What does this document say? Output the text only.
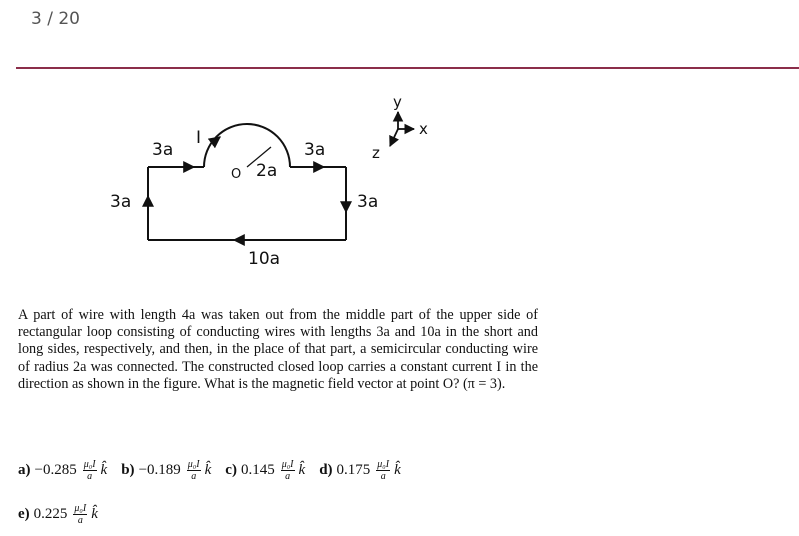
3 / 20
3a	3a
3a	3a
10a
2a
O
I
y
x
z

A part of wire with length 4a was taken out from the middle part of the upper side of rectangular loop consisting of conducting wires with lengths 3a and 10a in the short and long sides, respectively, and then, in the place of that part, a semicircular conducting wire of radius 2a was connected. The constructed closed loop carries a constant current I in the direction as shown in the figure. What is the magnetic field vector at point O? (π = 3).

$a) -0.285 \frac{\text{μ₀I}}{a}$ k̂ $b) -0.189 \frac{\text{μ₀I}}{a}$ k̂ c) $0.145 \frac{\text{μ₀I}}{a}$ k̂ d) $0.175 \frac{\text{μ₀I}}{a}$ k̂
e) $0.225 \frac{\text{μ₀I}}{a}$ k̂
